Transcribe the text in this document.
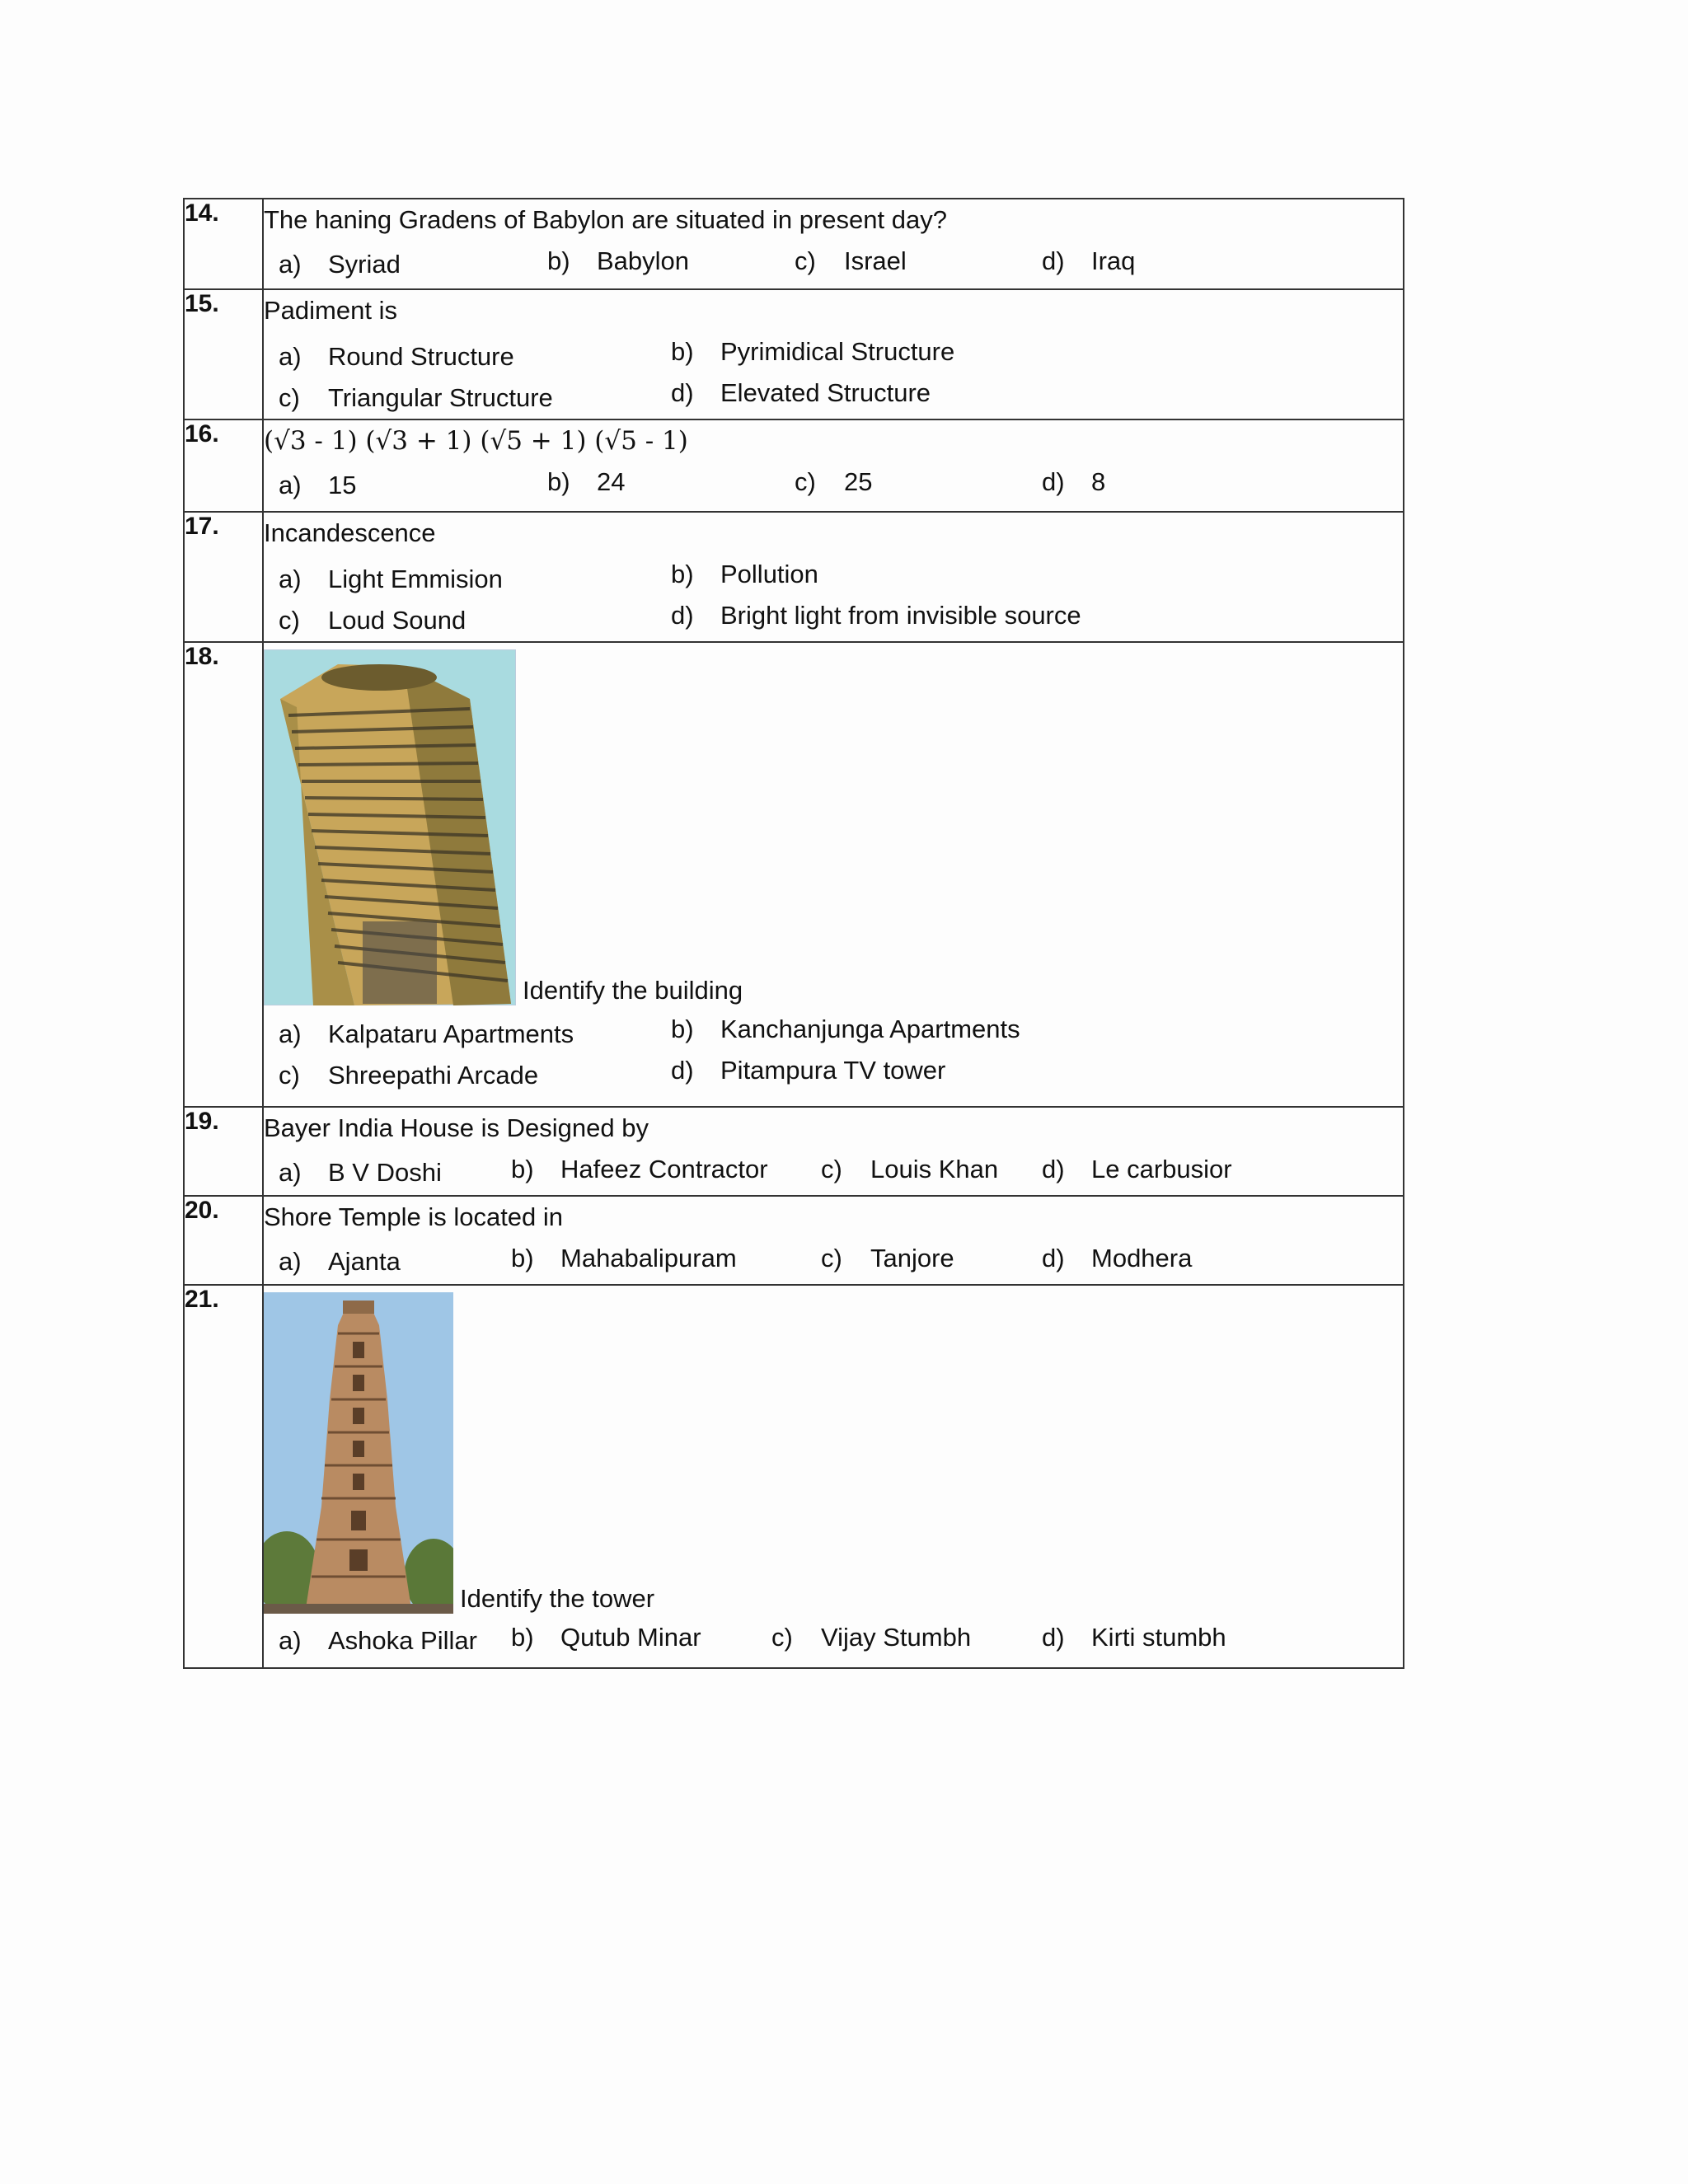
14.	The haning Gradens of Babylon are situated in present day?
a) Syriad b) Babylon c) Israel d) Iraq

15.	Padiment is
a) Round Structure b) Pyrimidical Structure
c) Triangular Structure d) Elevated Structure

16.	(√3 - 1) (√3 + 1) (√5 + 1) (√5 - 1)
a) 15 b) 24 c) 25 d) 8

17.	Incandescence
a) Light Emmision b) Pollution
c) Loud Sound d) Bright light from invisible source

18.	Identify the building
a) Kalpataru Apartments b) Kanchanjunga Apartments
c) Shreepathi Arcade d) Pitampura TV tower

19.	Bayer India House is Designed by
a) B V Doshi b) Hafeez Contractor c) Louis Khan d) Le carbusior

20.	Shore Temple is located in
a) Ajanta b) Mahabalipuram c) Tanjore d) Modhera

21.	Identify the tower
a) Ashoka Pillar b) Qutub Minar c) Vijay Stumbh d) Kirti stumbh
